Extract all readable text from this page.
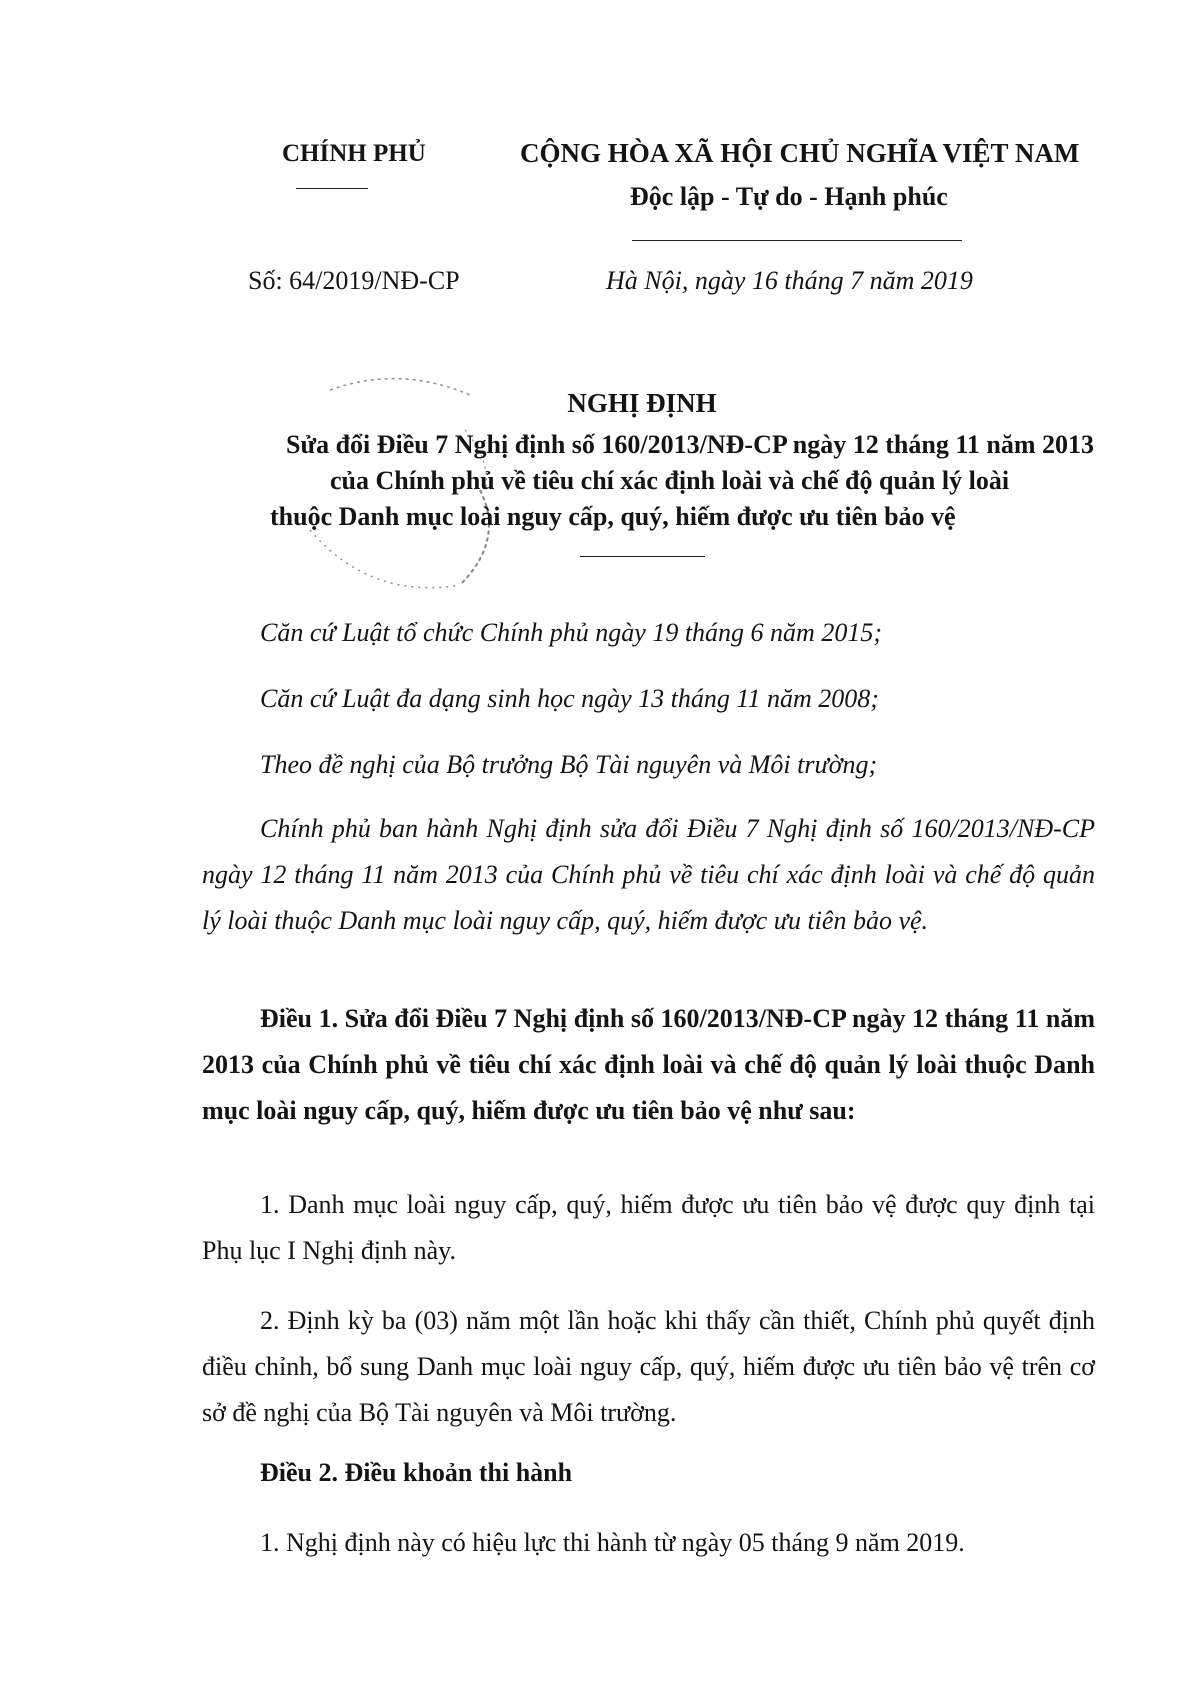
CHÍNH PHỦ	CỘNG HÒA XÃ HỘI CHỦ NGHĨA VIỆT NAM
Độc lập - Tự do - Hạnh phúc
Số: 64/2019/NĐ-CP	Hà Nội, ngày 16 tháng 7 năm 2019
NGHỊ ĐỊNH
Sửa đổi Điều 7 Nghị định số 160/2013/NĐ-CP ngày 12 tháng 11 năm 2013
của Chính phủ về tiêu chí xác định loài và chế độ quản lý loài
thuộc Danh mục loài nguy cấp, quý, hiếm được ưu tiên bảo vệ
Căn cứ Luật tổ chức Chính phủ ngày 19 tháng 6 năm 2015;
Căn cứ Luật đa dạng sinh học ngày 13 tháng 11 năm 2008;
Theo đề nghị của Bộ trưởng Bộ Tài nguyên và Môi trường;
Chính phủ ban hành Nghị định sửa đổi Điều 7 Nghị định số 160/2013/NĐ-CP ngày 12 tháng 11 năm 2013 của Chính phủ về tiêu chí xác định loài và chế độ quản lý loài thuộc Danh mục loài nguy cấp, quý, hiếm được ưu tiên bảo vệ.
Điều 1. Sửa đổi Điều 7 Nghị định số 160/2013/NĐ-CP ngày 12 tháng 11 năm 2013 của Chính phủ về tiêu chí xác định loài và chế độ quản lý loài thuộc Danh mục loài nguy cấp, quý, hiếm được ưu tiên bảo vệ như sau:
1. Danh mục loài nguy cấp, quý, hiếm được ưu tiên bảo vệ được quy định tại Phụ lục I Nghị định này.
2. Định kỳ ba (03) năm một lần hoặc khi thấy cần thiết, Chính phủ quyết định điều chỉnh, bổ sung Danh mục loài nguy cấp, quý, hiếm được ưu tiên bảo vệ trên cơ sở đề nghị của Bộ Tài nguyên và Môi trường.
Điều 2. Điều khoản thi hành
1. Nghị định này có hiệu lực thi hành từ ngày 05 tháng 9 năm 2019.
